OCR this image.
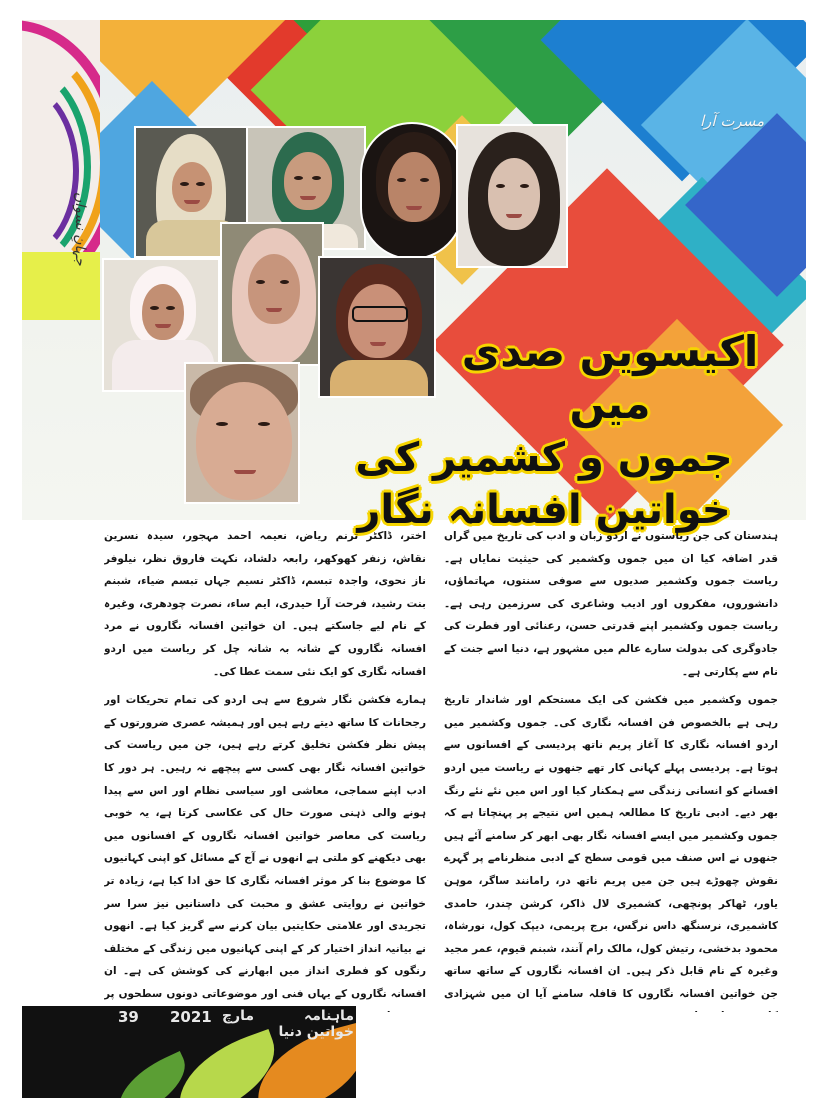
مسرت آرا
جہانِ نسواں
اکیسویں صدی میں
جموں و کشمیر کی خواتین افسانہ نگار

ہندستان کی جن ریاستوں نے اردو زبان و ادب کی تاریخ میں گراں قدر اضافہ کیا ان میں جموں وکشمیر کی حیثیت نمایاں ہے۔ ریاست جموں وکشمیر صدیوں سے صوفی سنتوں، مہاتماؤں، دانشوروں، مفکروں اور ادیب وشاعری کی سرزمین رہی ہے۔ ریاست جموں وکشمیر اپنے قدرتی حسن، رعنائی اور فطرت کی جادوگری کی بدولت سارے عالم میں مشہور ہے، دنیا اسے جنت کے نام سے پکارتی ہے۔

جموں وکشمیر میں فکشن کی ایک مستحکم اور شاندار تاریخ رہی ہے بالخصوص فن افسانہ نگاری کی۔ جموں وکشمیر میں اردو افسانہ نگاری کا آغاز پریم ناتھ پردیسی کے افسانوں سے ہوتا ہے۔ پردیسی پہلے کہانی کار تھے جنھوں نے ریاست میں اردو افسانے کو انسانی زندگی سے ہمکنار کیا اور اس میں نئے نئے رنگ بھر دیے۔ ادبی تاریخ کا مطالعہ ہمیں اس نتیجے پر پہنچاتا ہے کہ جموں وکشمیر میں ایسے افسانہ نگار بھی ابھر کر سامنے آئے ہیں جنھوں نے اس صنف میں قومی سطح کے ادبی منظرنامے پر گہرے نقوش چھوڑے ہیں جن میں پریم ناتھ در، رامانند ساگر، موہن یاور، ٹھاکر پونچھی، کشمیری لال ذاکر، کرشن چندر، حامدی کاشمیری، نرسنگھ داس نرگس، برج پریمی، دیپک کول، نورشاہ، محمود بدخشی، رتیش کول، مالک رام آنند، شبنم قیوم، عمر مجید وغیرہ کے نام قابل ذکر ہیں۔ ان افسانہ نگاروں کے ساتھ ساتھ جن خواتین افسانہ نگاروں کا قافلہ سامنے آیا ان میں شہزادی

اختر، ڈاکٹر ترنم ریاض، نعیمہ احمد مہجور، سیدہ نسرین نقاش، زنفر کھوکھر، رابعہ دلشاد، نکہت فاروق نظر، نیلوفر ناز نحوی، واجدہ تبسم، ڈاکٹر نسیم جہاں تبسم ضیاء، شبنم بنت رشید، فرحت آرا حیدری، ایم ساء، نصرت چودھری، وغیرہ کے نام لیے جاسکتے ہیں۔ ان خواتین افسانہ نگاروں نے مرد افسانہ نگاروں کے شانہ بہ شانہ چل کر ریاست میں اردو افسانہ نگاری کو ایک نئی سمت عطا کی۔

ہمارے فکشن نگار شروع سے ہی اردو کی تمام تحریکات اور رجحانات کا ساتھ دیتے رہے ہیں اور ہمیشہ عصری ضرورتوں کے پیش نظر فکشن تخلیق کرتے رہے ہیں، جن میں ریاست کی خواتین افسانہ نگار بھی کسی سے پیچھے نہ رہیں۔ ہر دور کا ادب اپنے سماجی، معاشی اور سیاسی نظام اور اس سے پیدا ہونے والی ذہنی صورت حال کی عکاسی کرتا ہے، یہ خوبی ریاست کی معاصر خواتین افسانہ نگاروں کے افسانوں میں بھی دیکھنے کو ملتی ہے انھوں نے آج کے مسائل کو اپنی کہانیوں کا موضوع بنا کر موثر افسانہ نگاری کا حق ادا کیا ہے، زیادہ تر خواتین نے روایتی عشق و محبت کی داستانیں نیز سرا سر تجریدی اور علامتی حکایتیں بیان کرنے سے گریز کیا ہے۔ انھوں نے بیانیہ انداز اختیار کر کے اپنی کہانیوں میں زندگی کے مختلف رنگوں کو فطری انداز میں ابھارنے کی کوشش کی ہے۔ ان افسانہ نگاروں کے یہاں فنی اور موضوعاتی دونوں سطحوں پر

39	2021 مارچ	ماہنامہ خواتین دنیا
